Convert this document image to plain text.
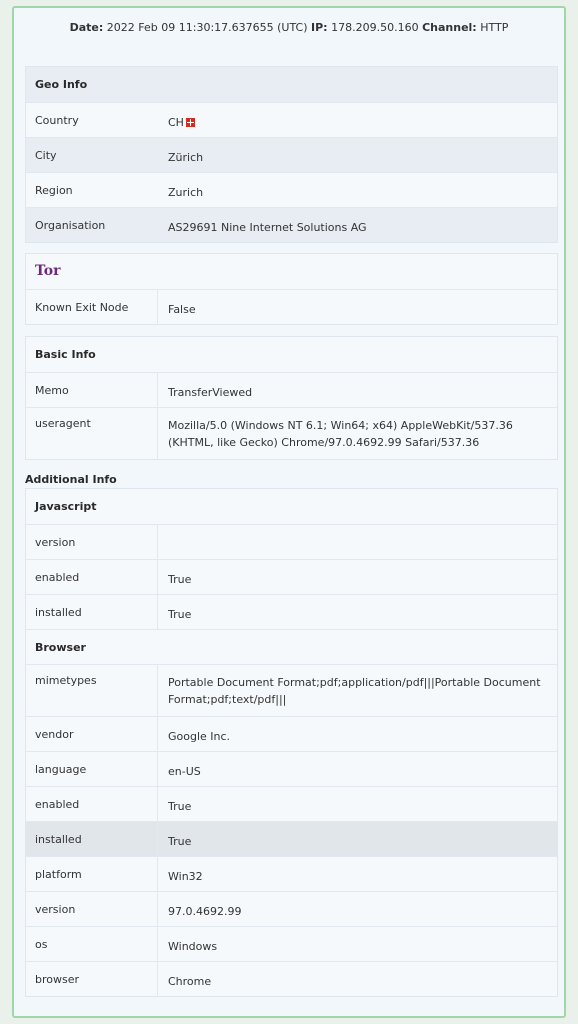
Date: 2022 Feb 09 11:30:17.637655 (UTC) IP: 178.209.50.160 Channel: HTTP
Geo Info
Country	CH
City	Zürich
Region	Zurich
Organisation	AS29691 Nine Internet Solutions AG
Tor
Known Exit Node	False
Basic Info
Memo	TransferViewed
useragent	Mozilla/5.0 (Windows NT 6.1; Win64; x64) AppleWebKit/537.36 (KHTML, like Gecko) Chrome/97.0.4692.99 Safari/537.36
Additional Info
Javascript
version
enabled	True
installed	True
Browser
mimetypes	Portable Document Format;pdf;application/pdf|||Portable Document Format;pdf;text/pdf|||
vendor	Google Inc.
language	en-US
enabled	True
installed	True
platform	Win32
version	97.0.4692.99
os	Windows
browser	Chrome
